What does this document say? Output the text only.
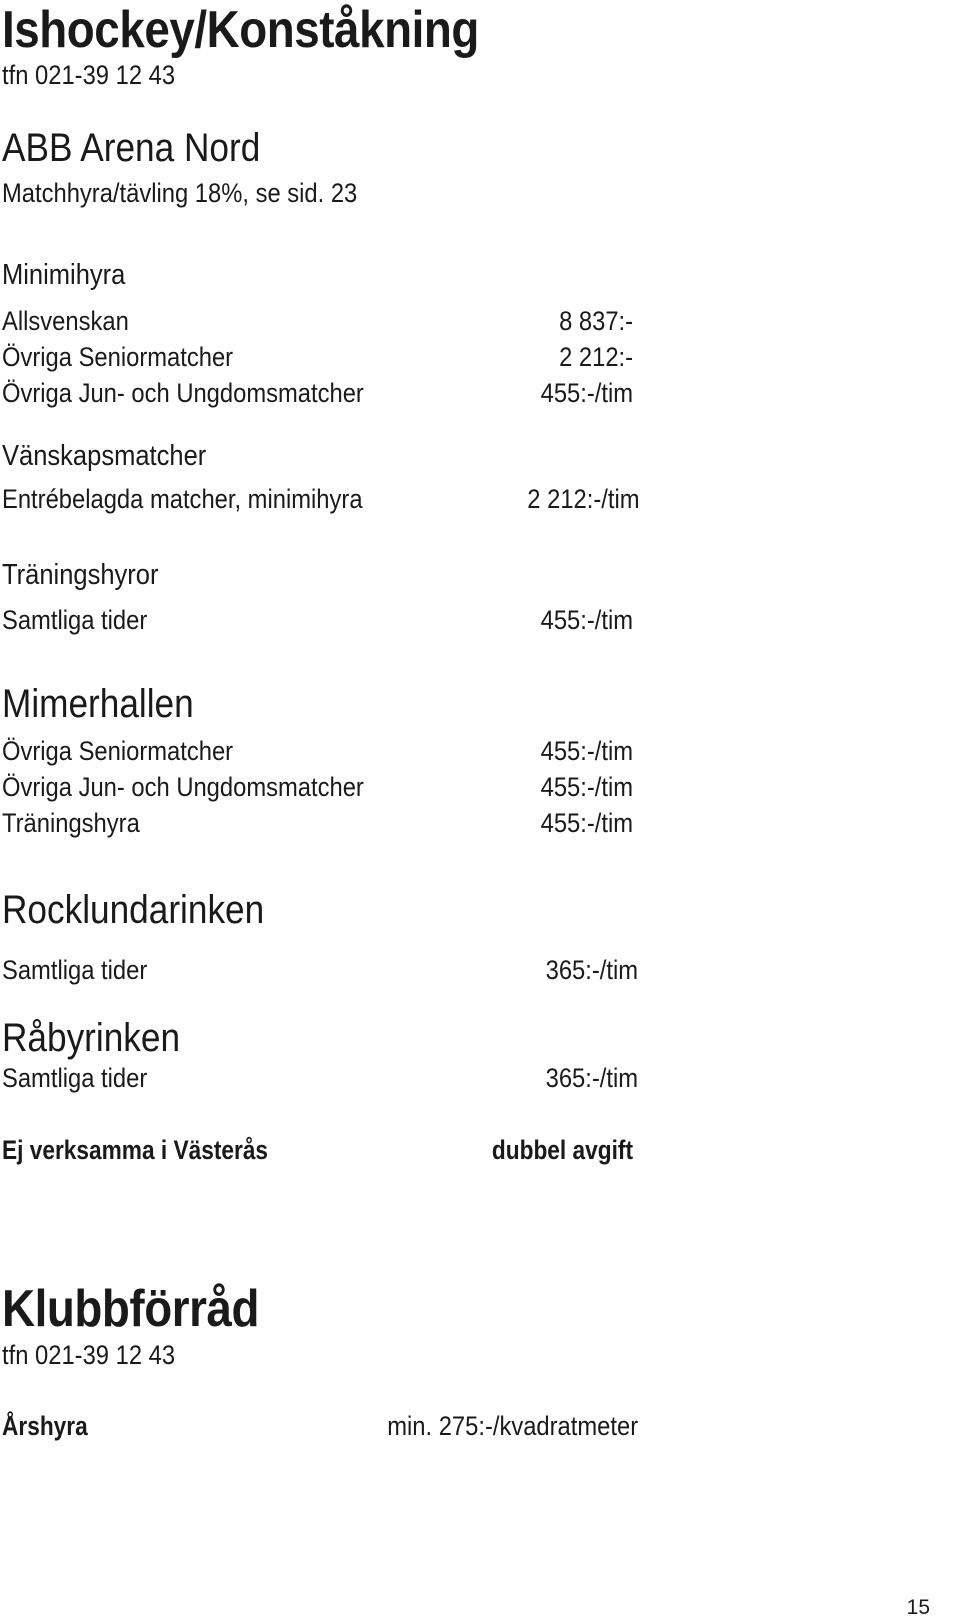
Ishockey/Konståkning
tfn 021-39 12 43
ABB Arena Nord
Matchhyra/tävling 18%, se sid. 23
Minimihyra
Allsvenskan	8 837:-
Övriga Seniormatcher	2 212:-
Övriga Jun- och Ungdomsmatcher	455:-/tim
Vänskapsmatcher
Entrébelagda matcher, minimihyra	2 212:-/tim
Träningshyror
Samtliga tider	455:-/tim
Mimerhallen
Övriga Seniormatcher	455:-/tim
Övriga Jun- och Ungdomsmatcher	455:-/tim
Träningshyra	455:-/tim
Rocklundarinken
Samtliga tider	365:-/tim
Råbyrinken
Samtliga tider	365:-/tim
Ej verksamma i Västerås	dubbel avgift
Klubbförråd
tfn 021-39 12 43
Årshyra	min. 275:-/kvadratmeter
15
